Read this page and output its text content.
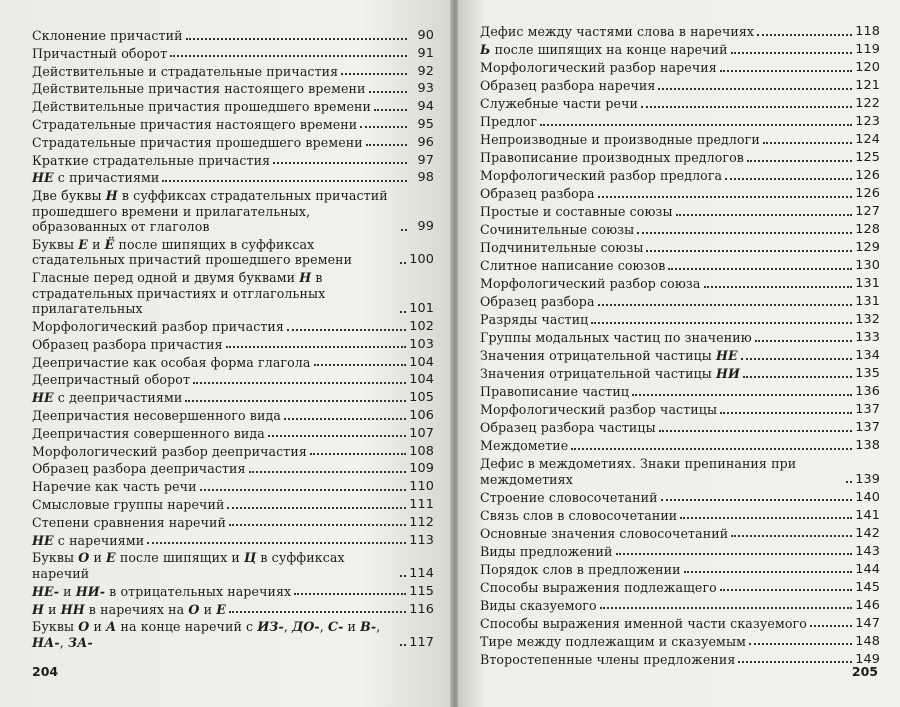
Склонение причастий	90
Причастный оборот	91
Действительные и страдательные причастия	92
Действительные причастия настоящего времени	93
Действительные причастия прошедшего времени	94
Страдательные причастия настоящего времени	95
Страдательные причастия прошедшего времени	96
Краткие страдательные причастия	97
НЕ с причастиями	98
Две буквы Н в суффиксах страдательных причастий прошедшего времени и прилагательных, образованных от глаголов	99
Буквы Е и Ё после шипящих в суффиксах стадательных причастий прошедшего времени	100
Гласные перед одной и двумя буквами Н в страдательных причастиях и отглагольных прилагательных	101
Морфологический разбор причастия	102
Образец разбора причастия	103
Деепричастие как особая форма глагола	104
Деепричастный оборот	104
НЕ с деепричастиями	105
Деепричастия несовершенного вида	106
Деепричастия совершенного вида	107
Морфологический разбор деепричастия	108
Образец разбора деепричастия	109
Наречие как часть речи	110
Смысловые группы наречий	111
Степени сравнения наречий	112
НЕ с наречиями	113
Буквы О и Е после шипящих и Ц в суффиксах наречий	114
НЕ- и НИ- в отрицательных наречиях	115
Н и НН в наречиях на О и Е	116
Буквы О и А на конце наречий с ИЗ-, ДО-, С- и В-, НА-, ЗА-	117
204
Дефис между частями слова в наречиях	118
Ь после шипящих на конце наречий	119
Морфологический разбор наречия	120
Образец разбора наречия	121
Служебные части речи	122
Предлог	123
Непроизводные и производные предлоги	124
Правописание производных предлогов	125
Морфологический разбор предлога	126
Образец разбора	126
Простые и составные союзы	127
Сочинительные союзы	128
Подчинительные союзы	129
Слитное написание союзов	130
Морфологический разбор союза	131
Образец разбора	131
Разряды частиц	132
Группы модальных частиц по значению	133
Значения отрицательной частицы НЕ	134
Значения отрицательной частицы НИ	135
Правописание частиц	136
Морфологический разбор частицы	137
Образец разбора частицы	137
Междометие	138
Дефис в междометиях. Знаки препинания при междометиях	139
Строение словосочетаний	140
Связь слов в словосочетании	141
Основные значения словосочетаний	142
Виды предложений	143
Порядок слов в предложении	144
Способы выражения подлежащего	145
Виды сказуемого	146
Способы выражения именной части сказуемого	147
Тире между подлежащим и сказуемым	148
Второстепенные члены предложения	149
205
